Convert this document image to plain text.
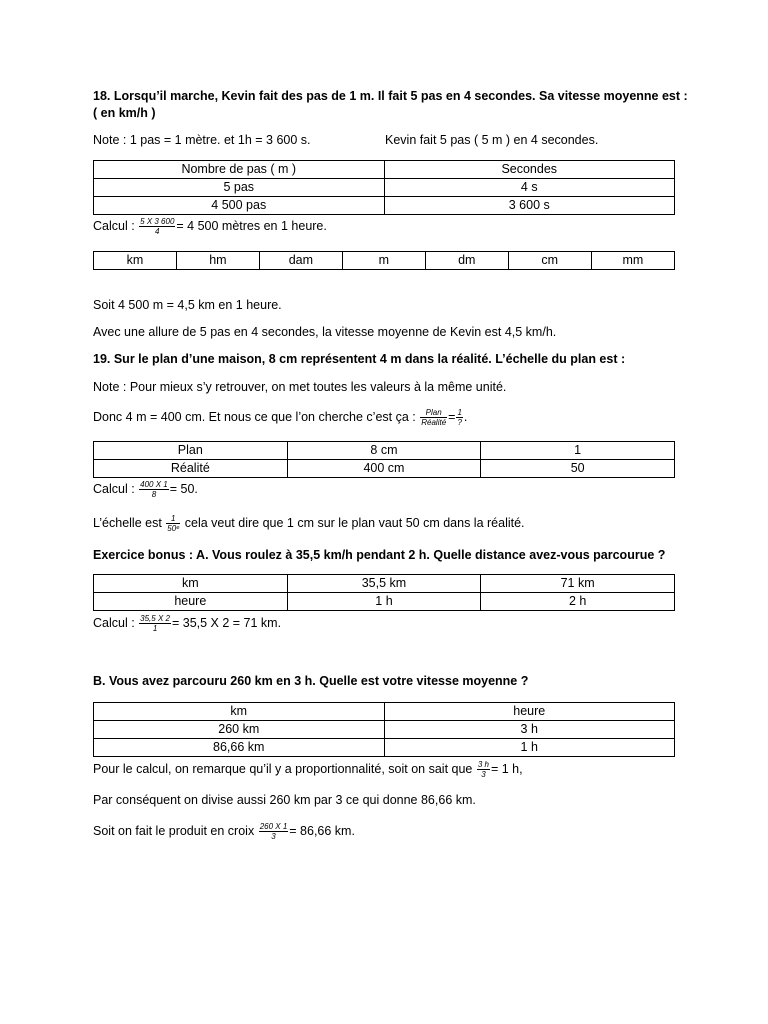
18. Lorsqu’il marche, Kevin fait des pas de 1 m. Il fait 5 pas en 4 secondes. Sa vitesse moyenne est :
( en km/h )
Note : 1 pas = 1 mètre. et 1h = 3 600 s.	Kevin fait 5 pas ( 5 m ) en 4 secondes.
Nombre de pas ( m )	Secondes
5 pas	4 s
4 500 pas	3 600 s
Calcul : $\frac{5 X 3 600}{4} = 4$ 500 mètres en 1 heure.
km	hm	dam	m	dm	cm	mm
Soit 4 500 m = 4,5 km en 1 heure.
Avec une allure de 5 pas en 4 secondes, la vitesse moyenne de Kevin est 4,5 km/h.
19. Sur le plan d’une maison, 8 cm représentent 4 m dans la réalité. L’échelle du plan est :
Note : Pour mieux s’y retrouver, on met toutes les valeurs à la même unité.
Donc 4 m = 400 cm. Et nous ce que l’on cherche c’est ça : $\frac{\text{Plan}}{\text{Réalité}} = \frac{1}{?}$ .
Plan	8 cm	1
Réalité	400 cm	50
Calcul : $\frac{400 X 1}{8} = 50$.
L’échelle est $\frac{1}{\text{50ᵉ}}$ cela veut dire que 1 cm sur le plan vaut 50 cm dans la réalité.
Exercice bonus : A. Vous roulez à 35,5 km/h pendant 2 h. Quelle distance avez-vous parcourue ?
km	35,5 km	71 km
heure	1 h	2 h
Calcul : $\frac{35,5 X 2}{1} = 35,5$ X 2 = 71 km.
B. Vous avez parcouru 260 km en 3 h. Quelle est votre vitesse moyenne ?
km	heure
260 km	3 h
86,66 km	1 h
Pour le calcul, on remarque qu’il y a proportionnalité, soit on sait que $\frac{3 h}{3} = 1$ h,
Par conséquent on divise aussi 260 km par 3 ce qui donne 86,66 km.
Soit on fait le produit en croix $\frac{260 X 1}{3} = 86,66$ km.
